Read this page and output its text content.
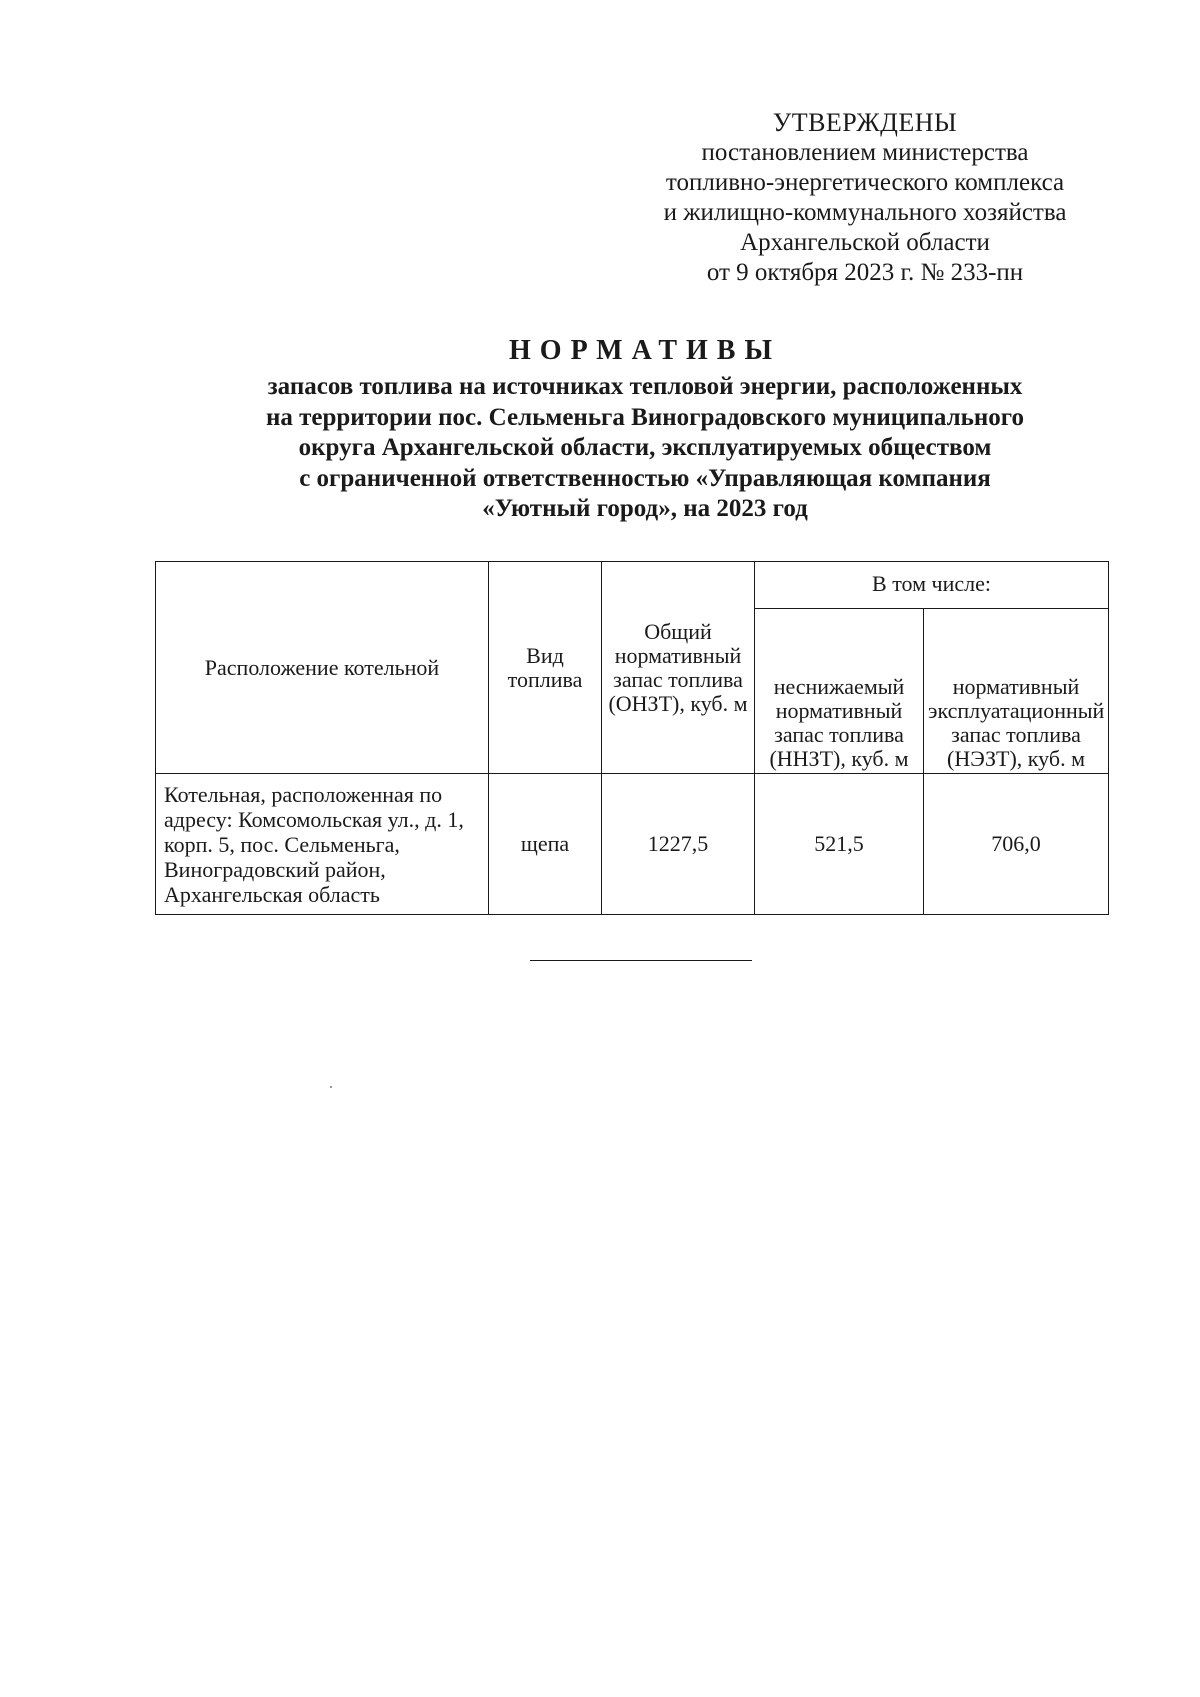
УТВЕРЖДЕНЫ
постановлением министерства
топливно-энергетического комплекса
и жилищно-коммунального хозяйства
Архангельской области
от 9 октября 2023 г. № 233-пн
НОРМАТИВЫ
запасов топлива на источниках тепловой энергии, расположенных
на территории пос. Сельменьга Виноградовского муниципального
округа Архангельской области, эксплуатируемых обществом
с ограниченной ответственностью «Управляющая компания
«Уютный город», на 2023 год
Расположение котельной	Вид топлива	Общий нормативный запас топлива (ОНЗТ), куб. м	В том числе:	
			неснижаемый нормативный запас топлива (ННЗТ), куб. м	нормативный эксплуатационный запас топлива (НЭЗТ), куб. м
Котельная, расположенная по адресу: Комсомольская ул., д. 1, корп. 5, пос. Сельменьга, Виноградовский район, Архангельская область	щепа	1227,5	521,5	706,0
